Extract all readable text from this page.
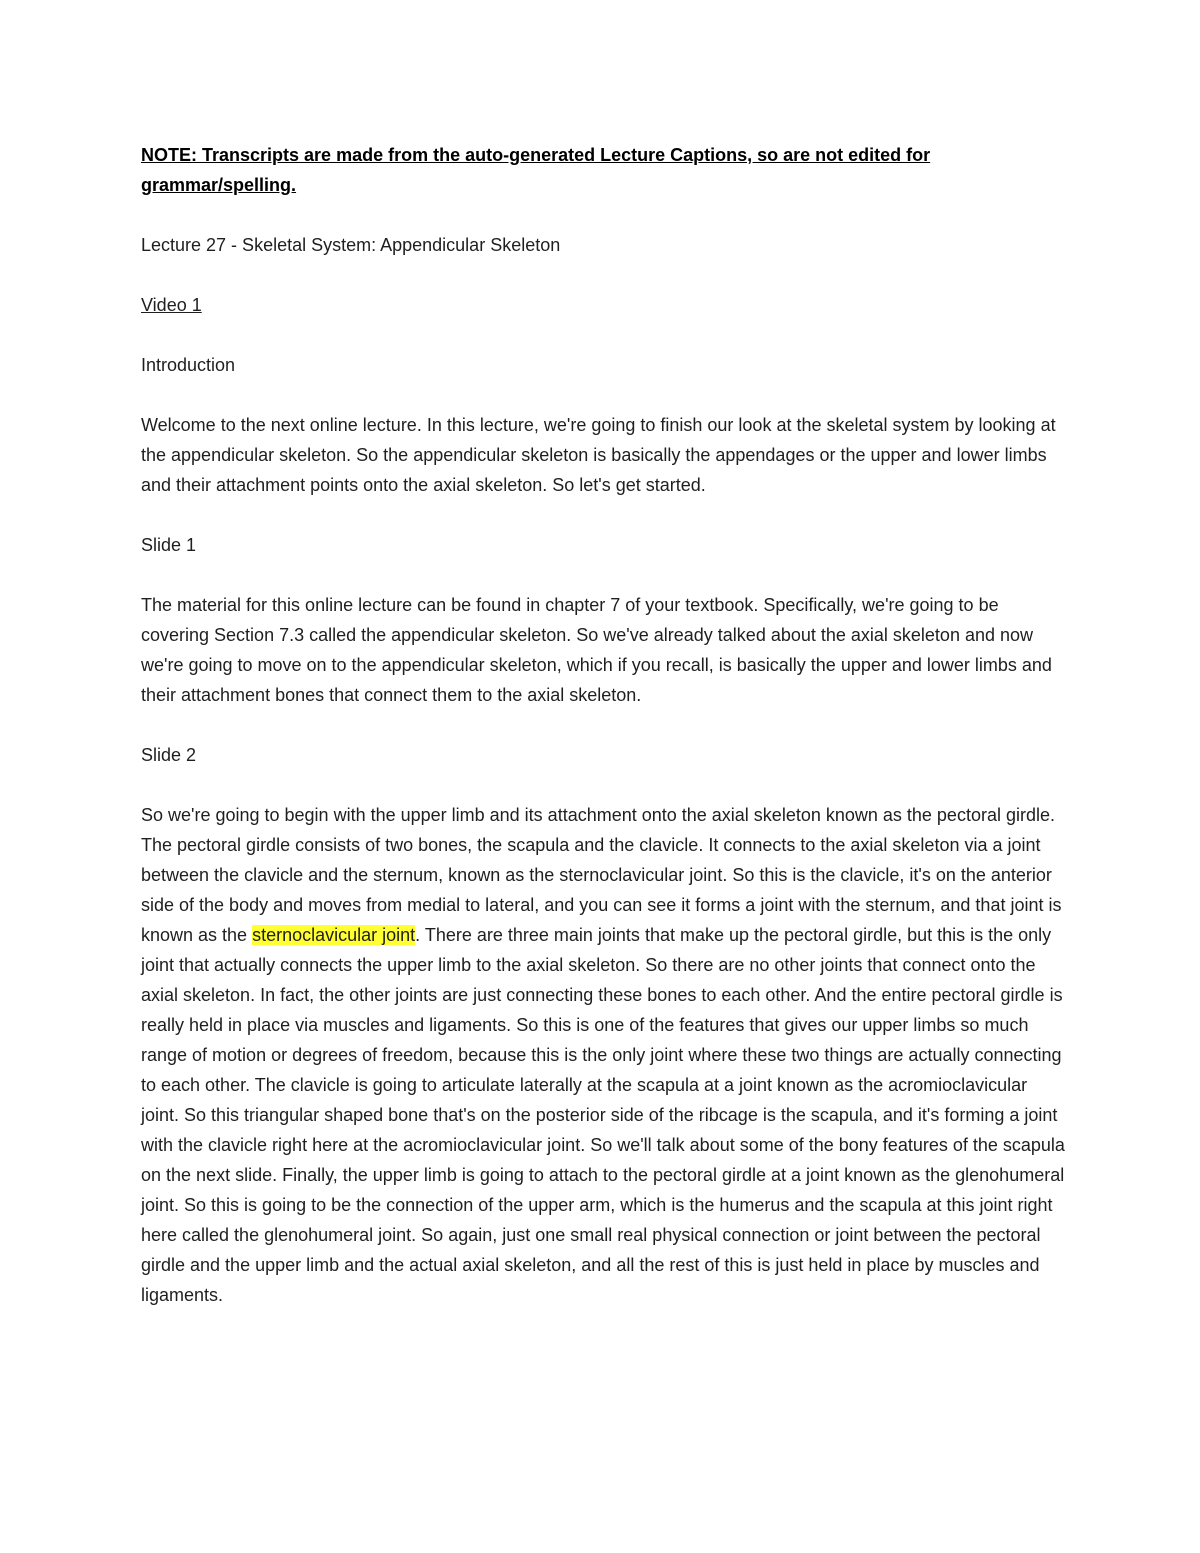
NOTE: Transcripts are made from the auto-generated Lecture Captions, so are not edited for grammar/spelling.

Lecture 27 - Skeletal System: Appendicular Skeleton

Video 1

Introduction

Welcome to the next online lecture. In this lecture, we're going to finish our look at the skeletal system by looking at the appendicular skeleton. So the appendicular skeleton is basically the appendages or the upper and lower limbs and their attachment points onto the axial skeleton. So let's get started.

Slide 1

The material for this online lecture can be found in chapter 7 of your textbook. Specifically, we're going to be covering Section 7.3 called the appendicular skeleton. So we've already talked about the axial skeleton and now we're going to move on to the appendicular skeleton, which if you recall, is basically the upper and lower limbs and their attachment bones that connect them to the axial skeleton.

Slide 2

So we're going to begin with the upper limb and its attachment onto the axial skeleton known as the pectoral girdle. The pectoral girdle consists of two bones, the scapula and the clavicle. It connects to the axial skeleton via a joint between the clavicle and the sternum, known as the sternoclavicular joint. So this is the clavicle, it's on the anterior side of the body and moves from medial to lateral, and you can see it forms a joint with the sternum, and that joint is known as the sternoclavicular joint. There are three main joints that make up the pectoral girdle, but this is the only joint that actually connects the upper limb to the axial skeleton. So there are no other joints that connect onto the axial skeleton. In fact, the other joints are just connecting these bones to each other. And the entire pectoral girdle is really held in place via muscles and ligaments. So this is one of the features that gives our upper limbs so much range of motion or degrees of freedom, because this is the only joint where these two things are actually connecting to each other. The clavicle is going to articulate laterally at the scapula at a joint known as the acromioclavicular joint. So this triangular shaped bone that's on the posterior side of the ribcage is the scapula, and it's forming a joint with the clavicle right here at the acromioclavicular joint. So we'll talk about some of the bony features of the scapula on the next slide. Finally, the upper limb is going to attach to the pectoral girdle at a joint known as the glenohumeral joint. So this is going to be the connection of the upper arm, which is the humerus and the scapula at this joint right here called the glenohumeral joint. So again, just one small real physical connection or joint between the pectoral girdle and the upper limb and the actual axial skeleton, and all the rest of this is just held in place by muscles and ligaments.
